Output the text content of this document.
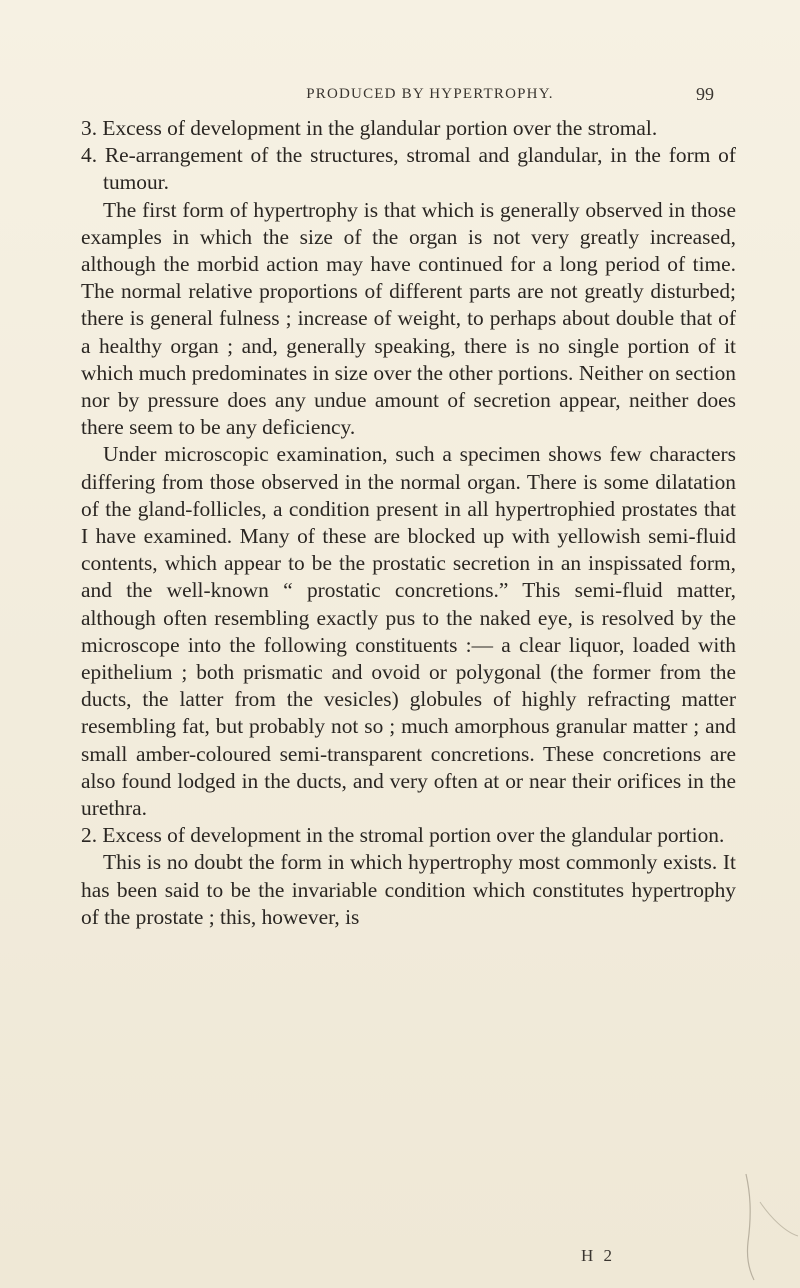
PRODUCED BY HYPERTROPHY.	99

3. Excess of development in the glandular portion over the stromal.

4. Re-arrangement of the structures, stromal and glandular, in the form of tumour.

The first form of hypertrophy is that which is generally observed in those examples in which the size of the organ is not very greatly increased, although the morbid action may have continued for a long period of time. The normal relative proportions of different parts are not greatly disturbed; there is general fulness ; increase of weight, to perhaps about double that of a healthy organ ; and, generally speaking, there is no single portion of it which much predominates in size over the other portions. Neither on section nor by pressure does any undue amount of secretion appear, neither does there seem to be any deficiency.

Under microscopic examination, such a specimen shows few characters differing from those observed in the normal organ. There is some dilatation of the gland-follicles, a condition present in all hypertrophied prostates that I have examined. Many of these are blocked up with yellowish semi-fluid contents, which appear to be the prostatic secretion in an inspissated form, and the well-known “ prostatic concretions.” This semi-fluid matter, although often resembling exactly pus to the naked eye, is resolved by the microscope into the following constituents :— a clear liquor, loaded with epithelium ; both prismatic and ovoid or polygonal (the former from the ducts, the latter from the vesicles) globules of highly refracting matter resembling fat, but probably not so ; much amorphous granular matter ; and small amber-coloured semi-transparent concretions. These concretions are also found lodged in the ducts, and very often at or near their orifices in the urethra.

2. Excess of development in the stromal portion over the glandular portion.

This is no doubt the form in which hypertrophy most commonly exists. It has been said to be the invariable condition which constitutes hypertrophy of the prostate ; this, however, is

H 2
